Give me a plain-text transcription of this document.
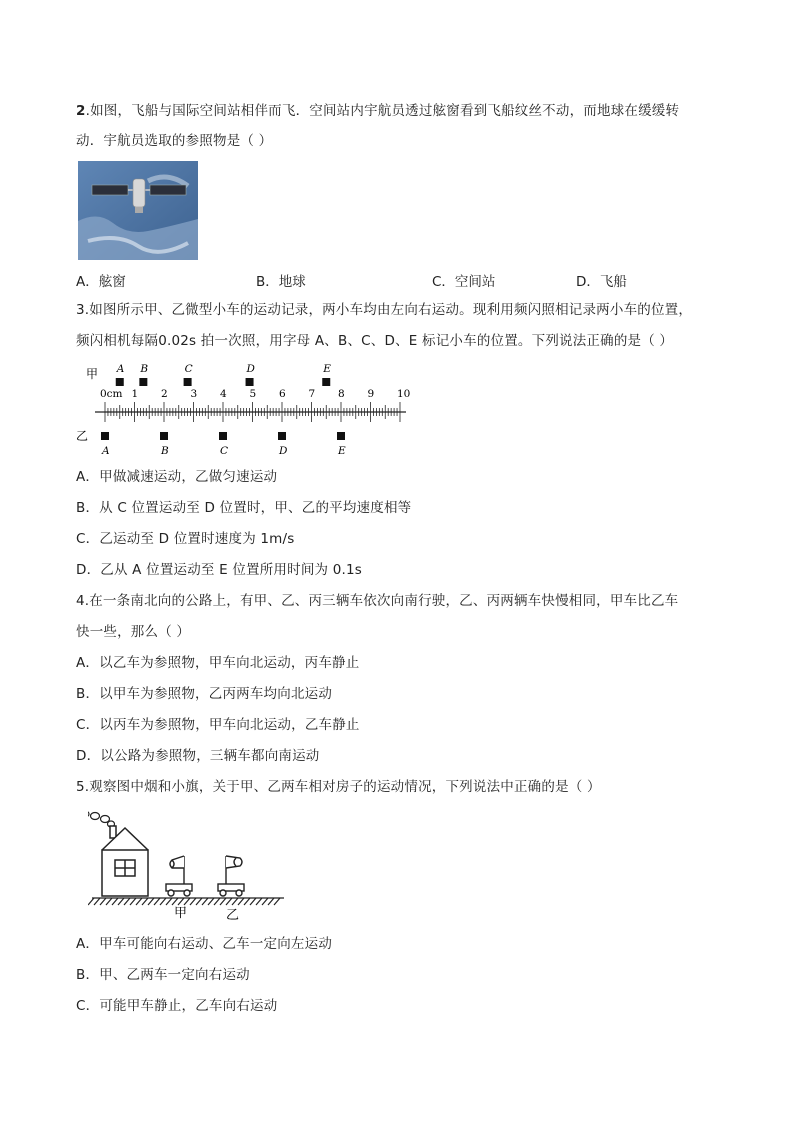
2.如图，飞船与国际空间站相伴而飞．空间站内宇航员透过舷窗看到飞船纹丝不动，而地球在缓缓转
动．宇航员选取的参照物是（ ）
A．舷窗	B．地球	C．空间站	D．飞船
3.如图所示甲、乙微型小车的运动记录，两小车均由左向右运动。现利用频闪照相记录两小车的位置，
频闪相机每隔0.02s 拍一次照，用字母 A、B、C、D、E 标记小车的位置。下列说法正确的是（ ）
甲
乙
0cm 1 2 3 4 5 6 7 8 9 10
A B	C	D	E
A	B	C	D	E
A．甲做减速运动，乙做匀速运动
B．从 C 位置运动至 D 位置时，甲、乙的平均速度相等
C．乙运动至 D 位置时速度为 1m/s
D．乙从 A 位置运动至 E 位置所用时间为 0.1s
4.在一条南北向的公路上，有甲、乙、丙三辆车依次向南行驶，乙、丙两辆车快慢相同，甲车比乙车
快一些，那么（ ）
A．以乙车为参照物，甲车向北运动，丙车静止
B．以甲车为参照物，乙丙两车均向北运动
C．以丙车为参照物，甲车向北运动，乙车静止
D．以公路为参照物，三辆车都向南运动
5.观察图中烟和小旗，关于甲、乙两车相对房子的运动情况，下列说法中正确的是（ ）
甲	乙
A．甲车可能向右运动、乙车一定向左运动
B．甲、乙两车一定向右运动
C．可能甲车静止，乙车向右运动
